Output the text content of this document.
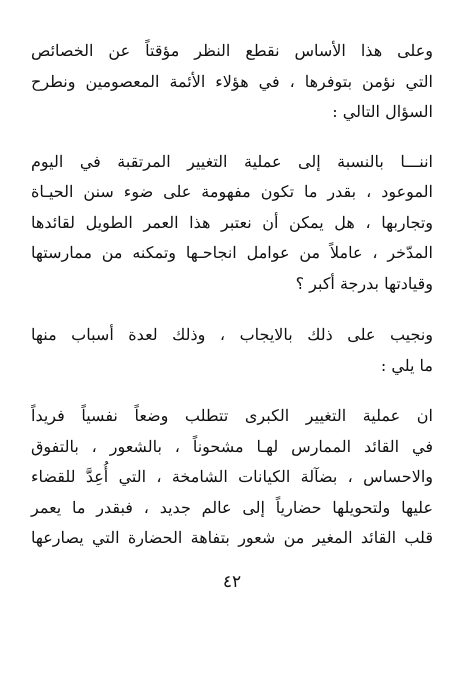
وعلى هذا الأساس نقطع النظر مؤقتاً عن الخصائص
التي نؤمن بتوفرها ، في هؤلاء الأئمة المعصومين ونطرح
السؤال التالي :
اننـــا بالنسبة إلى عملية التغيير المرتقبة في اليوم
الموعود ، بقدر ما تكون مفهومة على ضوء سنن الحيـاة
وتجاربها ، هل يمكن أن نعتبر هذا العمر الطويل لقائدها
المدّخر ، عاملاً من عوامل انجاحـها وتمكنه من ممارستها
وقيادتها بدرجة أكبر ؟
ونجيب على ذلك بالايجاب ، وذلك لعدة أسباب منها
ما يلي :
ان عملية التغيير الكبرى تتطلب وضعاً نفسياً فريداً
في القائد الممارس لهـا مشحوناً ، بالشعور ، بالتفوق
والاحساس ، بضآلة الكيانات الشامخة ، التي أُعِدَّ للقضاء
عليها ولتحويلها حضارياً إلى عالم جديد ، فبقدر ما يعمر
قلب القائد المغير من شعور بتفاهة الحضارة التي يصارعها
٤٢
